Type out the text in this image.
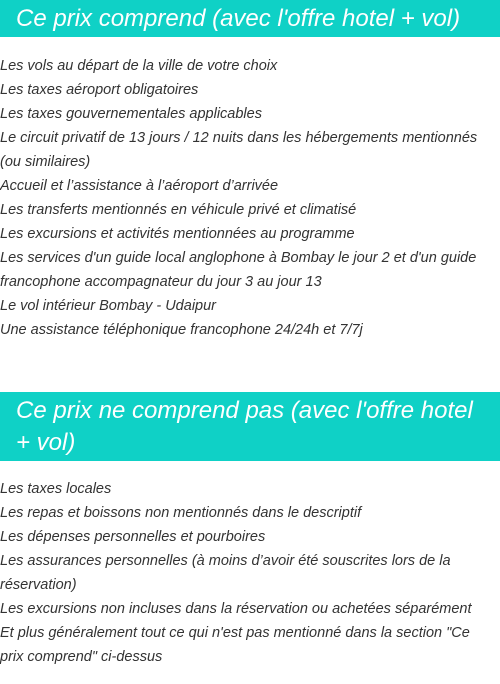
Ce prix comprend (avec l'offre hotel + vol)
Les vols au départ de la ville de votre choix
Les taxes aéroport obligatoires
Les taxes gouvernementales applicables
Le circuit privatif de 13 jours / 12 nuits dans les hébergements mentionnés (ou similaires)
Accueil et l’assistance à l’aéroport d’arrivée
Les transferts mentionnés en véhicule privé et climatisé
Les excursions et activités mentionnées au programme
Les services d'un guide local anglophone à Bombay le jour 2 et d'un guide francophone accompagnateur du jour 3 au jour 13
Le vol intérieur Bombay - Udaipur
Une assistance téléphonique francophone 24/24h et 7/7j
Ce prix ne comprend pas (avec l'offre hotel + vol)
Les taxes locales
Les repas et boissons non mentionnés dans le descriptif
Les dépenses personnelles et pourboires
Les assurances personnelles (à moins d’avoir été souscrites lors de la réservation)
Les excursions non incluses dans la réservation ou achetées séparément
Et plus généralement tout ce qui n'est pas mentionné dans la section "Ce prix comprend" ci-dessus
